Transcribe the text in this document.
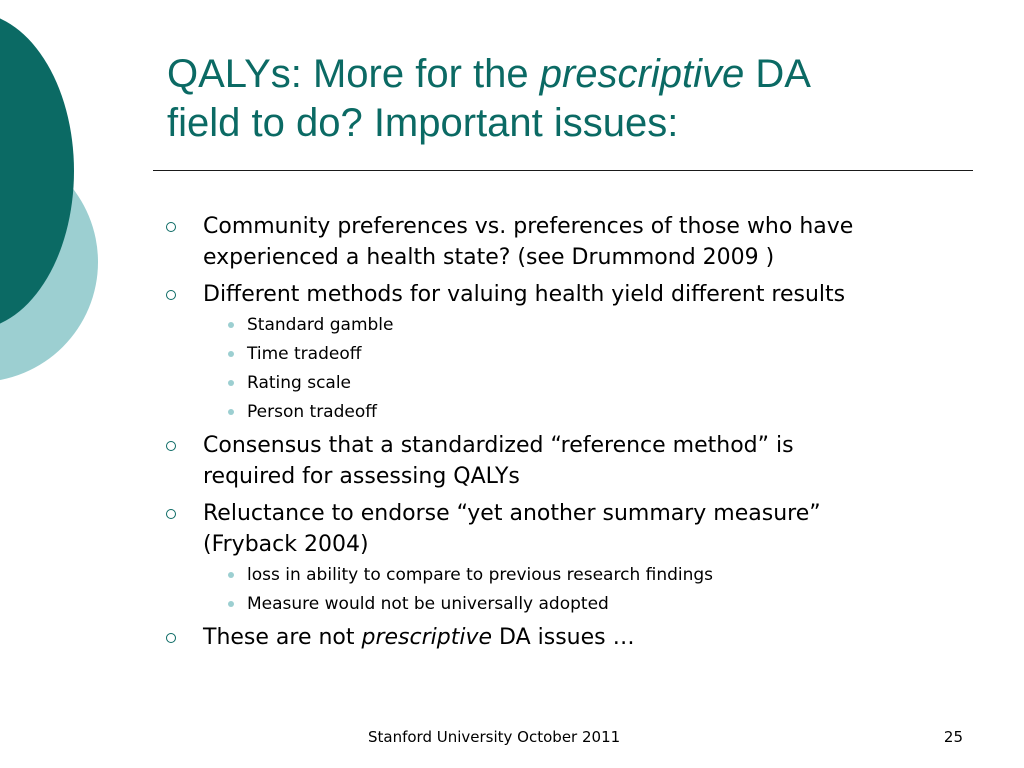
QALYs: More for the prescriptive DA
field to do? Important issues:
Community preferences vs. preferences of those who have
experienced a health state? (see Drummond 2009 )
Different methods for valuing health yield different results
Standard gamble
Time tradeoff
Rating scale
Person tradeoff
Consensus that a standardized “reference method” is
required for assessing QALYs
Reluctance to endorse “yet another summary measure”
(Fryback 2004)
loss in ability to compare to previous research findings
Measure would not be universally adopted
These are not prescriptive DA issues …
Stanford University October 2011	25
